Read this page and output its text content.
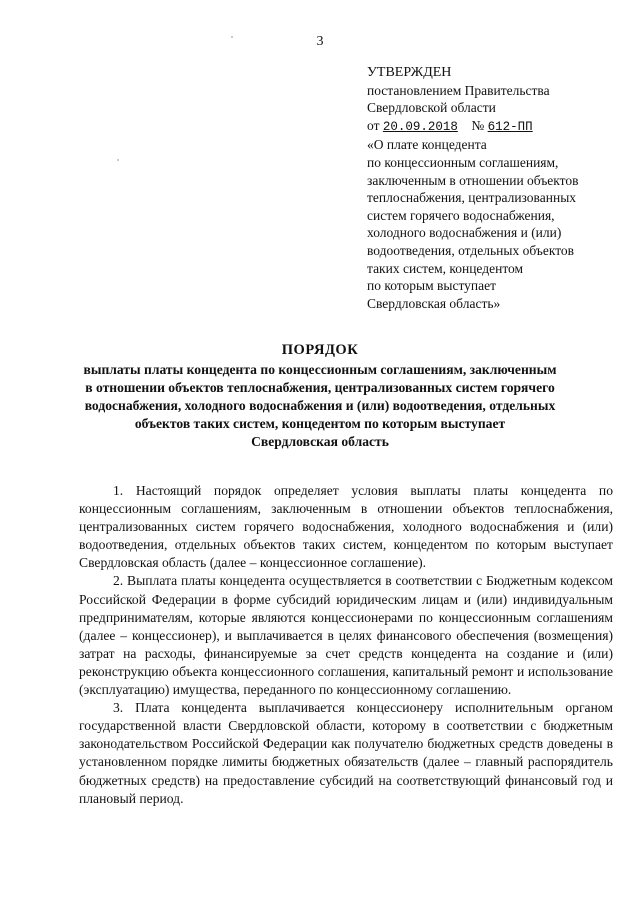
3
УТВЕРЖДЕН
постановлением Правительства
Свердловской области
от 20.09.2018 № 612-ПП
«О плате концедента
по концессионным соглашениям,
заключенным в отношении объектов
теплоснабжения, централизованных
систем горячего водоснабжения,
холодного водоснабжения и (или)
водоотведения, отдельных объектов
таких систем, концедентом
по которым выступает
Свердловская область»
ПОРЯДОК
выплаты платы концедента по концессионным соглашениям, заключенным
в отношении объектов теплоснабжения, централизованных систем горячего
водоснабжения, холодного водоснабжения и (или) водоотведения, отдельных
объектов таких систем, концедентом по которым выступает
Свердловская область

1. Настоящий порядок определяет условия выплаты платы концедента по концессионным соглашениям, заключенным в отношении объектов теплоснабжения, централизованных систем горячего водоснабжения, холодного водоснабжения и (или) водоотведения, отдельных объектов таких систем, концедентом по которым выступает Свердловская область (далее – концессионное соглашение).

2. Выплата платы концедента осуществляется в соответствии с Бюджетным кодексом Российской Федерации в форме субсидий юридическим лицам и (или) индивидуальным предпринимателям, которые являются концессионерами по концессионным соглашениям (далее – концессионер), и выплачивается в целях финансового обеспечения (возмещения) затрат на расходы, финансируемые за счет средств концедента на создание и (или) реконструкцию объекта концессионного соглашения, капитальный ремонт и использование (эксплуатацию) имущества, переданного по концессионному соглашению.

3. Плата концедента выплачивается концессионеру исполнительным органом государственной власти Свердловской области, которому в соответствии с бюджетным законодательством Российской Федерации как получателю бюджетных средств доведены в установленном порядке лимиты бюджетных обязательств (далее – главный распорядитель бюджетных средств) на предоставление субсидий на соответствующий финансовый год и плановый период.
